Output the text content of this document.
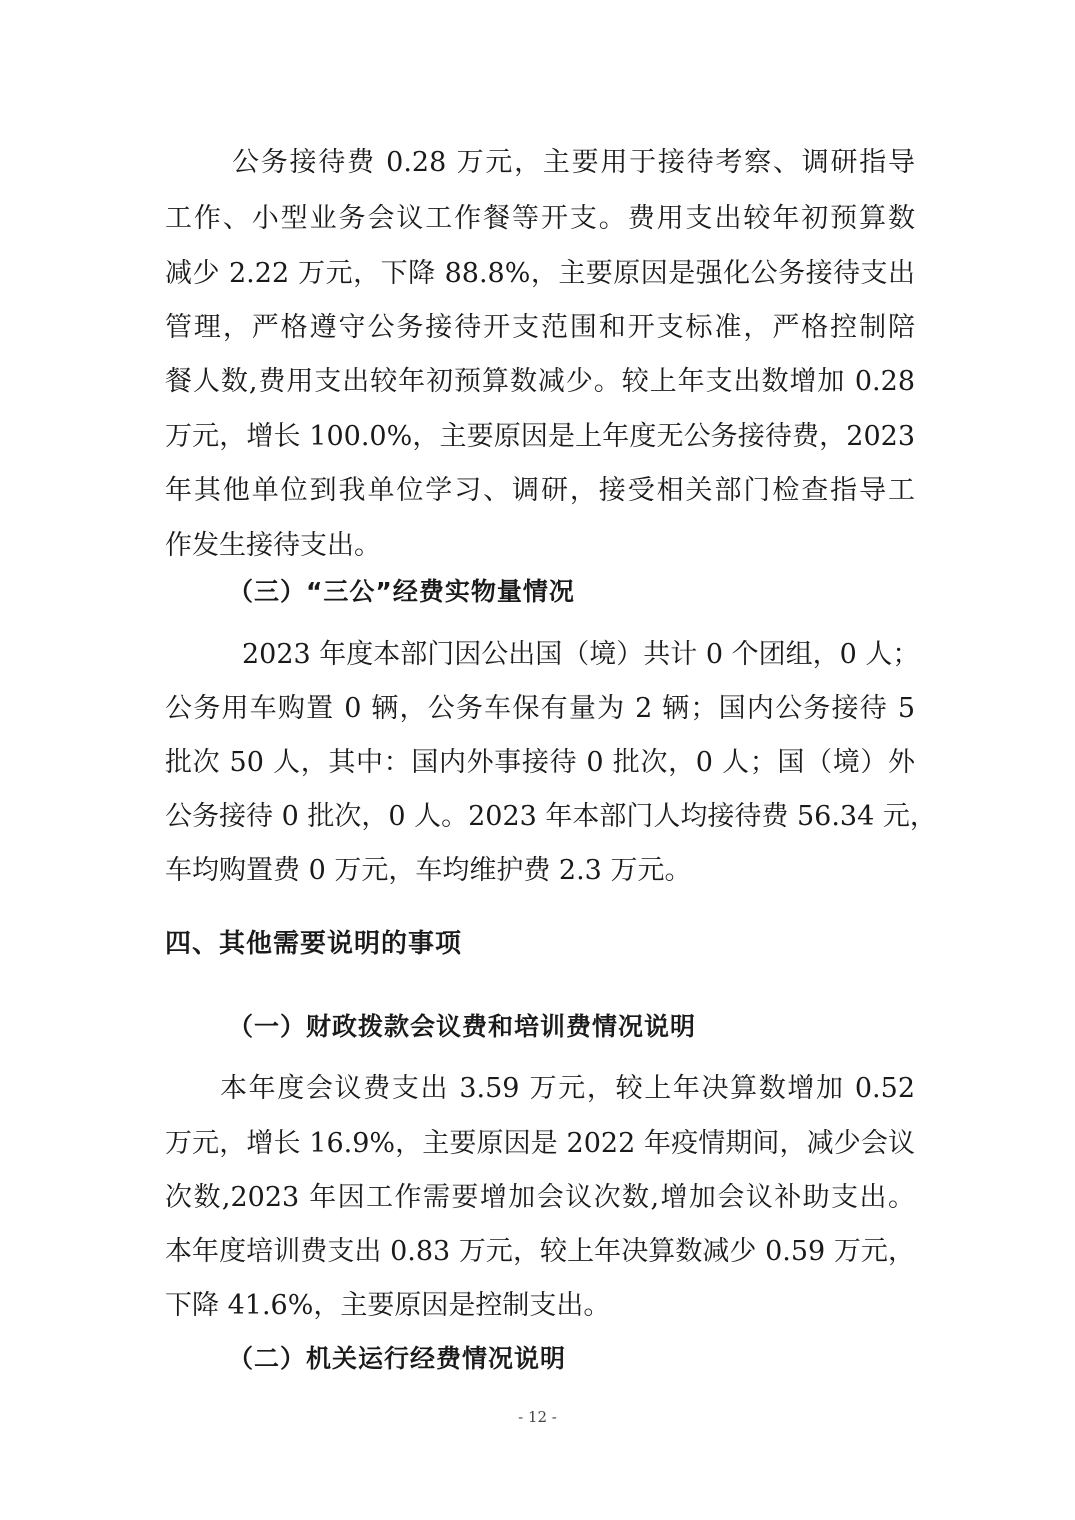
公务接待费 0.28 万元，主要用于接待考察、调研指导

工作、小型业务会议工作餐等开支。费用支出较年初预算数

减少 2.22 万元，下降 88.8%，主要原因是强化公务接待支出

管理，严格遵守公务接待开支范围和开支标准，严格控制陪

餐人数,费用支出较年初预算数减少。较上年支出数增加 0.28

万元，增长 100.0%，主要原因是上年度无公务接待费，2023

年其他单位到我单位学习、调研，接受相关部门检查指导工

作发生接待支出。

（三）“三公”经费实物量情况

2023 年度本部门因公出国（境）共计 0 个团组，0 人；

公务用车购置 0 辆，公务车保有量为 2 辆；国内公务接待 5

批次 50 人，其中：国内外事接待 0 批次，0 人；国（境）外

公务接待 0 批次，0 人。2023 年本部门人均接待费 56.34 元，

车均购置费 0 万元，车均维护费 2.3 万元。

四、其他需要说明的事项
（一）财政拨款会议费和培训费情况说明

本年度会议费支出 3.59 万元，较上年决算数增加 0.52

万元，增长 16.9%，主要原因是 2022 年疫情期间，减少会议

次数,2023 年因工作需要增加会议次数,增加会议补助支出。

本年度培训费支出 0.83 万元，较上年决算数减少 0.59 万元，

下降 41.6%，主要原因是控制支出。

（二）机关运行经费情况说明
- 12 -
